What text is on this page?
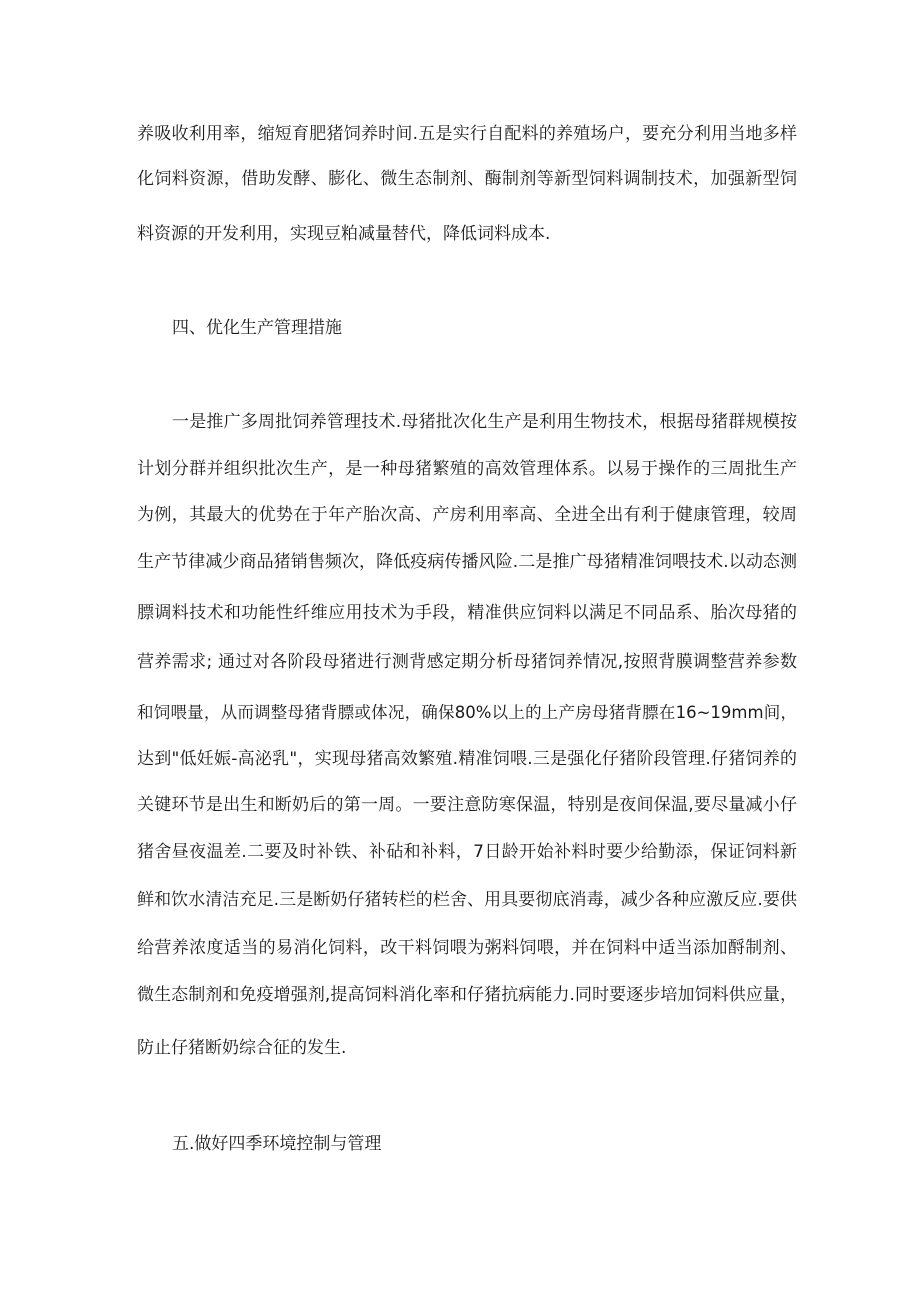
养吸收利用率，缩短育肥猪饲养时间.五是实行自配料的养殖场户，要充分利用当地多样
化饲料资源，借助发酵、膨化、微生态制剂、酶制剂等新型饲料调制技术，加强新型饲
料资源的开发利用，实现豆粕减量替代，降低词料成本.
四、优化生产管理措施
一是推广多周批饲养管理技术.母猪批次化生产是利用生物技术，根据母猪群规模按
计划分群并组织批次生产，是一种母猪繁殖的高效管理体系。以易于操作的三周批生产
为例，其最大的优势在于年产胎次高、产房利用率高、全进全出有利于健康管理，较周
生产节律减少商品猪销售频次，降低疫病传播风险.二是推广母猪精准饲喂技术.以动态测
膘调料技术和功能性纤维应用技术为手段，精准供应饲料以满足不同品系、胎次母猪的
营养需求; 通过对各阶段母猪进行测背感定期分析母猪饲养情况,按照背膜调整营养参数
和饲喂量，从而调整母猪背膘或体况，确保80%以上的上产房母猪背膘在16~19mm间，
达到"低妊娠-高泌乳"，实现母猪高效繁殖.精准饲喂.三是强化仔猪阶段管理.仔猪饲养的
关键环节是出生和断奶后的第一周。一要注意防寒保温，特别是夜间保温,要尽量减小仔
猪舍昼夜温差.二要及时补铁、补砧和补料，7日龄开始补料时要少给勤添，保证饲料新
鲜和饮水清洁充足.三是断奶仔猪转栏的栏舍、用具要彻底消毒，减少各种应激反应.要供
给营养浓度适当的易消化饲料，改干料饲喂为粥料饲喂，并在饲料中适当添加酹制剂、
微生态制剂和免疫增强剂,提高饲料消化率和仔猪抗病能力.同时要逐步培加饲料供应量，
防止仔猪断奶综合征的发生.
五.做好四季环境控制与管理
